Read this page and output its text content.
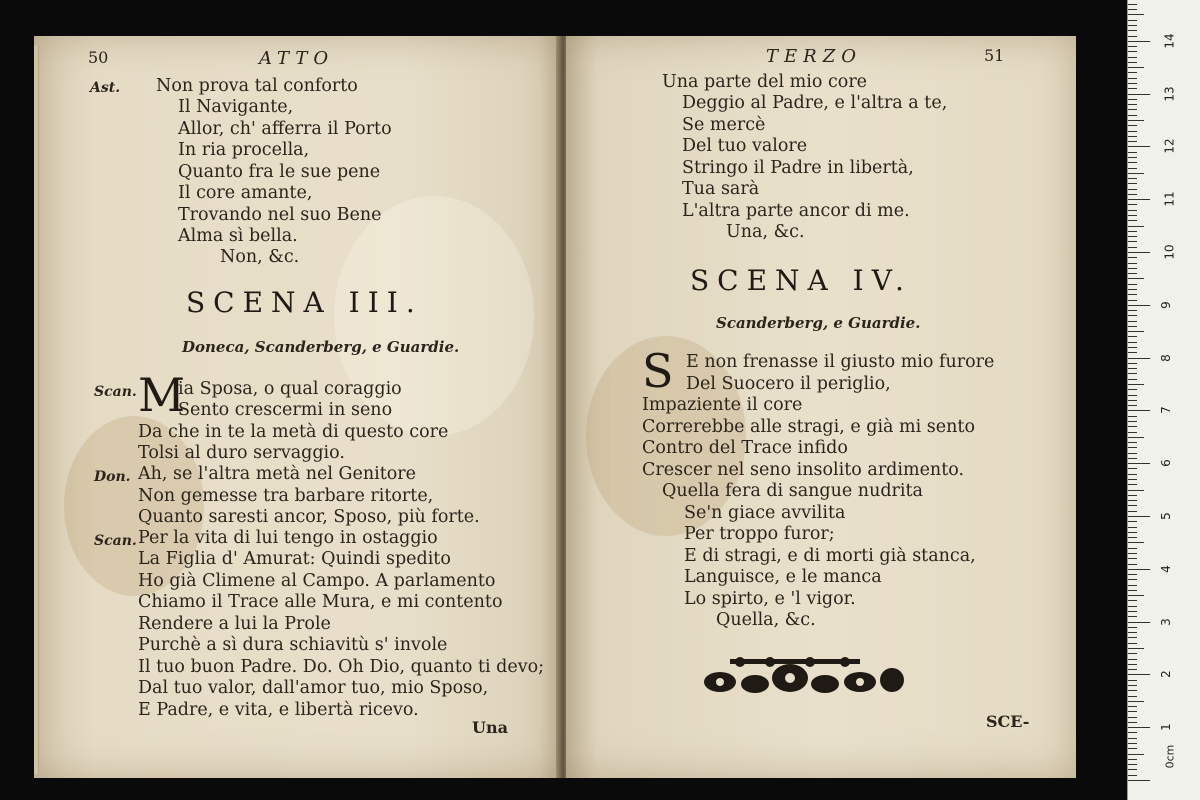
50	ATTO
Ast. Non prova tal conforto
Il Navigante,
Allor, ch' afferra il Porto
In ria procella,
Quanto fra le sue pene
Il core amante,
Trovando nel suo Bene
Alma sì bella.
Non, &c.
SCENA III.
Doneca, Scanderberg, e Guardie.
Scan. M
ia Sposa, o qual coraggio
Sento crescermi in seno
Da che in te la metà di questo core
Tolsi al duro servaggio.
Don. Ah, se l'altra metà nel Genitore
Non gemesse tra barbare ritorte,
Quanto saresti ancor, Sposo, più forte.
Scan. Per la vita di lui tengo in ostaggio
La Figlia d' Amurat: Quindi spedito
Ho già Climene al Campo. A parlamento
Chiamo il Trace alle Mura, e mi contento
Rendere a lui la Prole
Purchè a sì dura schiavitù s' invole
Il tuo buon Padre. Do. Oh Dio, quanto ti devo;
Dal tuo valor, dall'amor tuo, mio Sposo,
E Padre, e vita, e libertà ricevo.
Una
TERZO	51
Una parte del mio core
Deggio al Padre, e l'altra a te,
Se mercè
Del tuo valore
Stringo il Padre in libertà,
Tua sarà
L'altra parte ancor di me.
Una, &c.
SCENA IV.
Scanderberg, e Guardie.
S E non frenasse il giusto mio furore
Del Suocero il periglio,
Impaziente il core
Correrebbe alle stragi, e già mi sento
Contro del Trace infido
Crescer nel seno insolito ardimento.
Quella fera di sangue nudrita
Se'n giace avvilita
Per troppo furor;
E di stragi, e di morti già stanca,
Languisce, e le manca
Lo spirto, e 'l vigor.
Quella, &c.
SCE-
0cm
14
13
12
11
10
9
8
7
6
5
4
3
2
1
